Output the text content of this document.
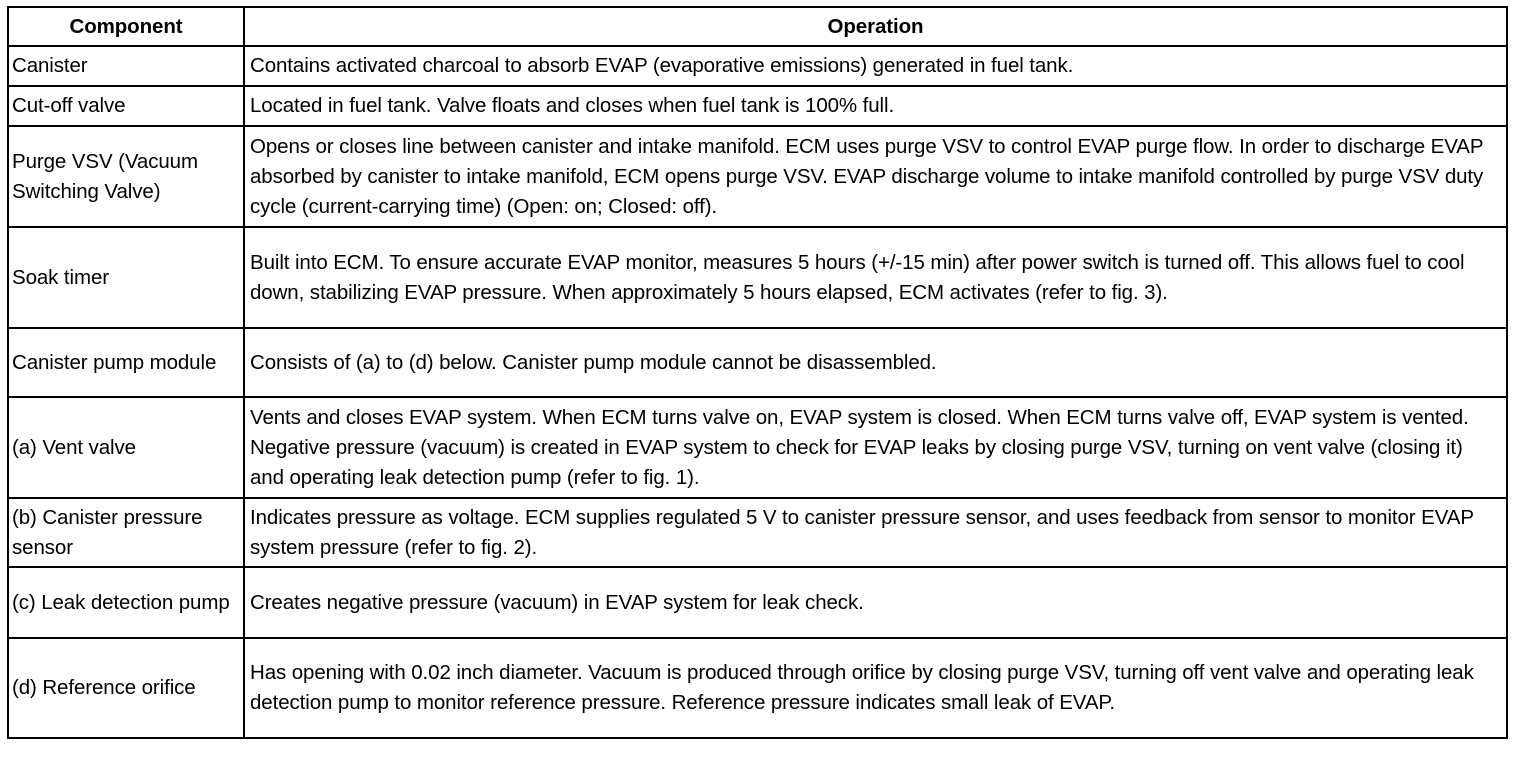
Component	Operation
Canister	Contains activated charcoal to absorb EVAP (evaporative emissions) generated in fuel tank.
Cut-off valve	Located in fuel tank. Valve floats and closes when fuel tank is 100% full.
Purge VSV (Vacuum Switching Valve)	Opens or closes line between canister and intake manifold. ECM uses purge VSV to control EVAP purge flow. In order to discharge EVAP absorbed by canister to intake manifold, ECM opens purge VSV. EVAP discharge volume to intake manifold controlled by purge VSV duty cycle (current-carrying time) (Open: on; Closed: off).
Soak timer	Built into ECM. To ensure accurate EVAP monitor, measures 5 hours (+/-15 min) after power switch is turned off. This allows fuel to cool down, stabilizing EVAP pressure. When approximately 5 hours elapsed, ECM activates (refer to fig. 3).
Canister pump module	Consists of (a) to (d) below. Canister pump module cannot be disassembled.
(a) Vent valve	Vents and closes EVAP system. When ECM turns valve on, EVAP system is closed. When ECM turns valve off, EVAP system is vented. Negative pressure (vacuum) is created in EVAP system to check for EVAP leaks by closing purge VSV, turning on vent valve (closing it) and operating leak detection pump (refer to fig. 1).
(b) Canister pressure sensor	Indicates pressure as voltage. ECM supplies regulated 5 V to canister pressure sensor, and uses feedback from sensor to monitor EVAP system pressure (refer to fig. 2).
(c) Leak detection pump	Creates negative pressure (vacuum) in EVAP system for leak check.
(d) Reference orifice	Has opening with 0.02 inch diameter. Vacuum is produced through orifice by closing purge VSV, turning off vent valve and operating leak detection pump to monitor reference pressure. Reference pressure indicates small leak of EVAP.
